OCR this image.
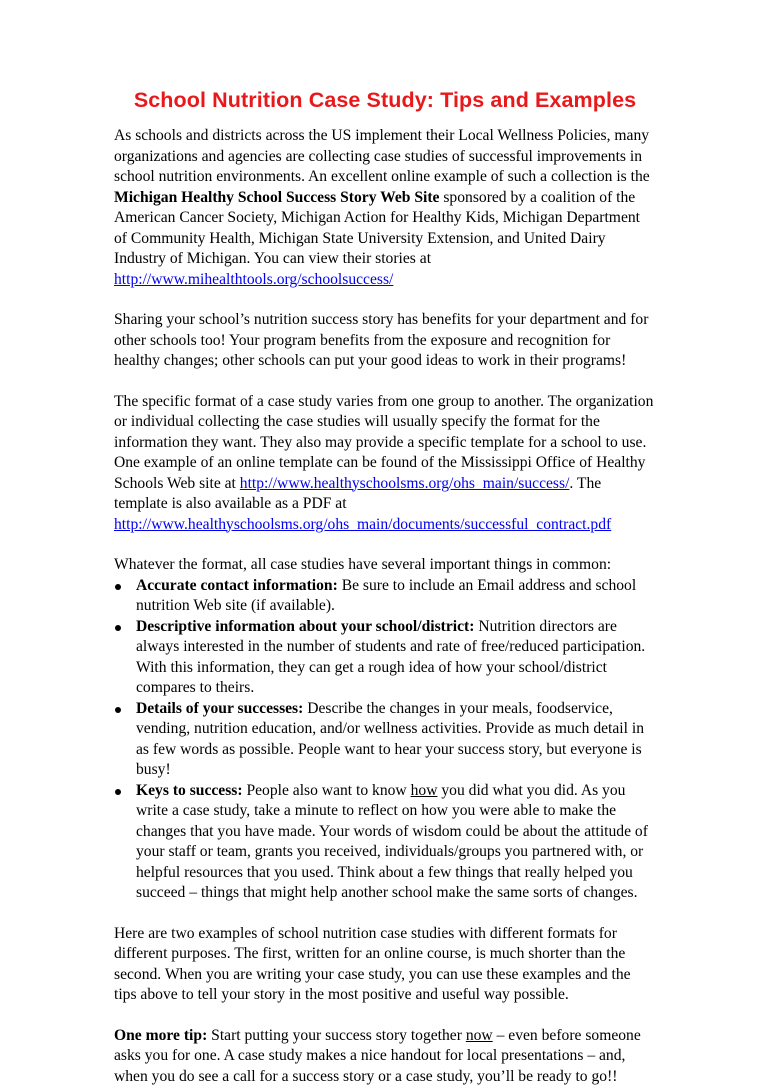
School Nutrition Case Study: Tips and Examples

As schools and districts across the US implement their Local Wellness Policies, many organizations and agencies are collecting case studies of successful improvements in school nutrition environments. An excellent online example of such a collection is the Michigan Healthy School Success Story Web Site sponsored by a coalition of the American Cancer Society, Michigan Action for Healthy Kids, Michigan Department of Community Health, Michigan State University Extension, and United Dairy Industry of Michigan. You can view their stories at http://www.mihealthtools.org/schoolsuccess/

Sharing your school’s nutrition success story has benefits for your department and for other schools too! Your program benefits from the exposure and recognition for healthy changes; other schools can put your good ideas to work in their programs!

The specific format of a case study varies from one group to another. The organization or individual collecting the case studies will usually specify the format for the information they want. They also may provide a specific template for a school to use. One example of an online template can be found of the Mississippi Office of Healthy Schools Web site at http://www.healthyschoolsms.org/ohs_main/success/. The template is also available as a PDF at http://www.healthyschoolsms.org/ohs_main/documents/successful_contract.pdf

Whatever the format, all case studies have several important things in common:

Accurate contact information: Be sure to include an Email address and school nutrition Web site (if available).
Descriptive information about your school/district: Nutrition directors are always interested in the number of students and rate of free/reduced participation. With this information, they can get a rough idea of how your school/district compares to theirs.
Details of your successes: Describe the changes in your meals, foodservice, vending, nutrition education, and/or wellness activities. Provide as much detail in as few words as possible. People want to hear your success story, but everyone is busy!
Keys to success: People also want to know how you did what you did. As you write a case study, take a minute to reflect on how you were able to make the changes that you have made. Your words of wisdom could be about the attitude of your staff or team, grants you received, individuals/groups you partnered with, or helpful resources that you used. Think about a few things that really helped you succeed – things that might help another school make the same sorts of changes.

Here are two examples of school nutrition case studies with different formats for different purposes. The first, written for an online course, is much shorter than the second. When you are writing your case study, you can use these examples and the tips above to tell your story in the most positive and useful way possible.

One more tip: Start putting your success story together now – even before someone asks you for one. A case study makes a nice handout for local presentations – and, when you do see a call for a success story or a case study, you’ll be ready to go!!
